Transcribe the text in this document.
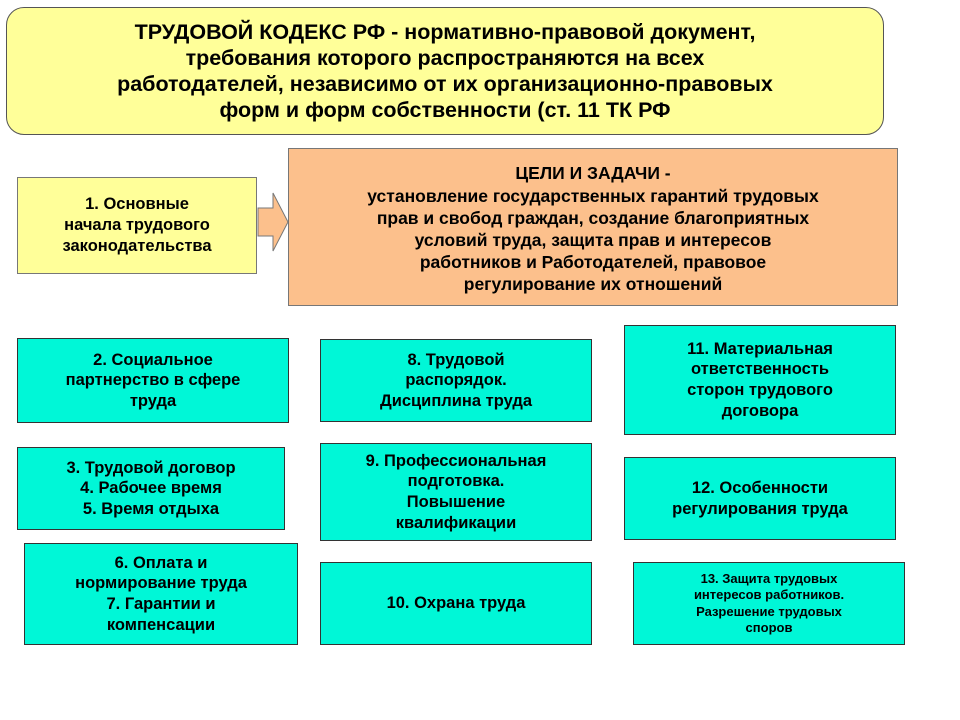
ТРУДОВОЙ КОДЕКС РФ - нормативно-правовой документ,
требования которого распространяются на всех
работодателей, независимо от их организационно-правовых
форм и форм собственности (ст. 11 ТК РФ
1. Основные
начала трудового
законодательства
ЦЕЛИ И ЗАДАЧИ -
установление государственных гарантий трудовых
прав и свобод граждан, создание благоприятных
условий труда, защита прав и интересов
работников и Работодателей, правовое
регулирование их отношений
2. Социальное
партнерство в сфере
труда
3. Трудовой договор
4. Рабочее время
5. Время отдыха
6. Оплата и
нормирование труда
7. Гарантии и
компенсации
8. Трудовой
распорядок.
Дисциплина труда
9. Профессиональная
подготовка.
Повышение
квалификации
10. Охрана труда
11. Материальная
ответственность
сторон трудового
договора
12. Особенности
регулирования труда
13. Защита трудовых
интересов работников.
Разрешение трудовых
споров
